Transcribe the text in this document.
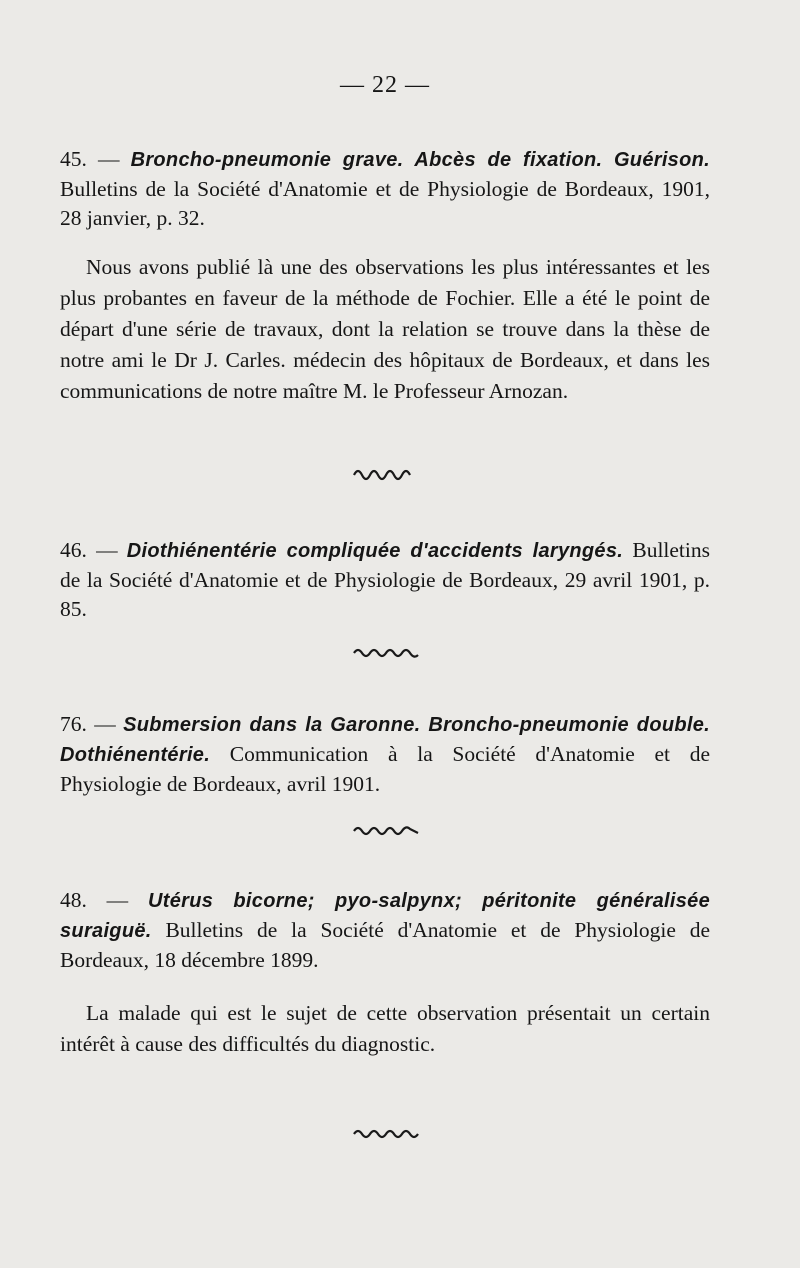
— 22 —
45. — Broncho-pneumonie grave. Abcès de fixation. Guérison. Bulletins de la Société d'Anatomie et de Physiologie de Bordeaux, 1901, 28 janvier, p. 32.
Nous avons publié là une des observations les plus intéressantes et les plus probantes en faveur de la méthode de Fochier. Elle a été le point de départ d'une série de travaux, dont la relation se trouve dans la thèse de notre ami le Dr J. Carles. médecin des hôpitaux de Bordeaux, et dans les communications de notre maître M. le Professeur Arnozan.
46. — Diothiénentérie compliquée d'accidents laryngés. Bulletins de la Société d'Anatomie et de Physiologie de Bordeaux, 29 avril 1901, p. 85.
76. — Submersion dans la Garonne. Broncho-pneumonie double. Dothiénentérie. Communication à la Société d'Anatomie et de Physiologie de Bordeaux, avril 1901.
48. — Utérus bicorne; pyo-salpynx; péritonite généralisée suraiguë. Bulletins de la Société d'Anatomie et de Physiologie de Bordeaux, 18 décembre 1899.
La malade qui est le sujet de cette observation présentait un certain intérêt à cause des difficultés du diagnostic.
